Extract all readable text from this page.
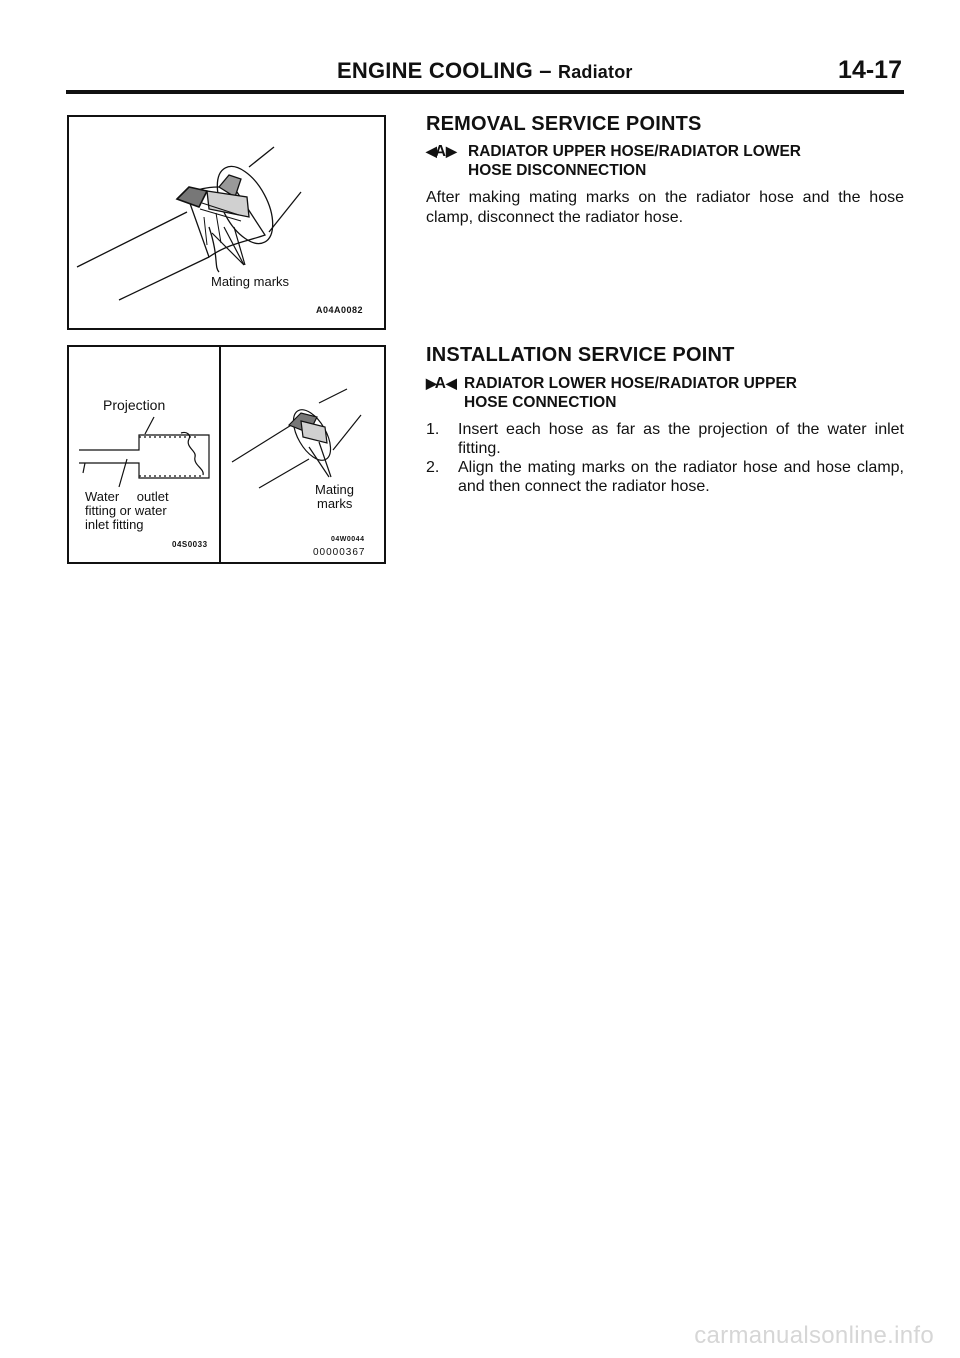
ENGINE COOLING – Radiator	14-17
Mating marks
A04A0082
Projection
Water outlet
fitting or water
inlet fitting
04S0033
Mating
marks
04W0044
00000367
REMOVAL SERVICE POINTS
◀A▶ RADIATOR UPPER HOSE/RADIATOR LOWER
HOSE DISCONNECTION
After making mating marks on the radiator hose and the hose clamp, disconnect the radiator hose.
INSTALLATION SERVICE POINT
▶A◀ RADIATOR LOWER HOSE/RADIATOR UPPER
HOSE CONNECTION
1.	Insert each hose as far as the projection of the water inlet fitting.
2.	Align the mating marks on the radiator hose and hose clamp, and then connect the radiator hose.
carmanualsonline.info
